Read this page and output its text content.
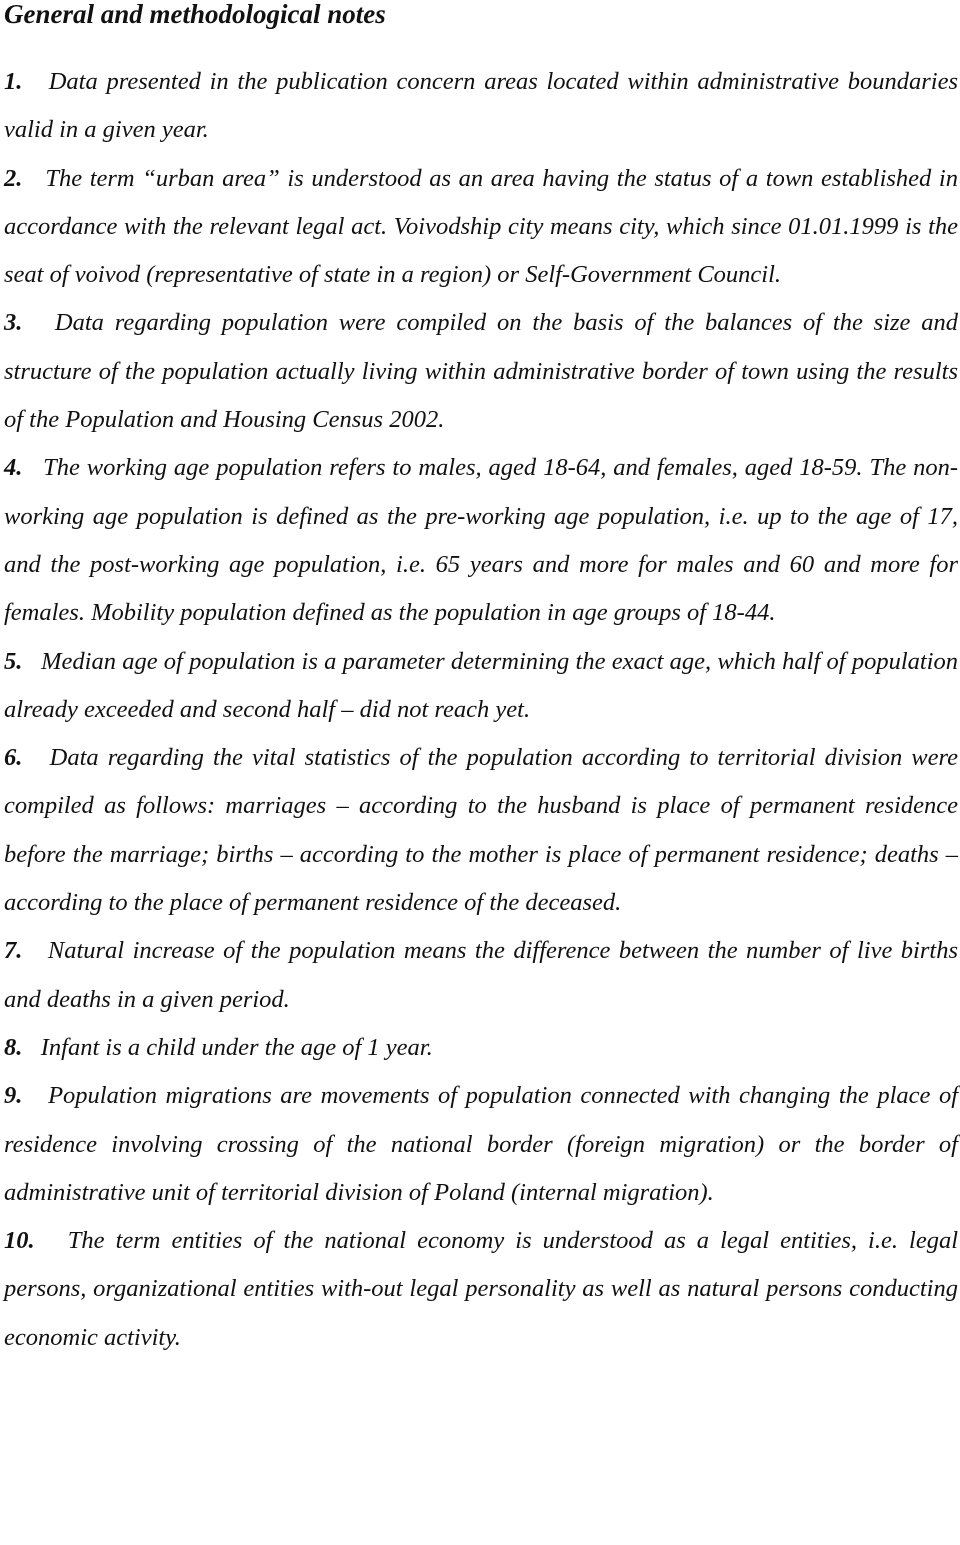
General and methodological notes

1. Data presented in the publication concern areas located within administrative boundaries valid in a given year.

2. The term “urban area” is understood as an area having the status of a town established in accordance with the relevant legal act. Voivodship city means city, which since 01.01.1999 is the seat of voivod (representative of state in a region) or Self-Government Council.

3. Data regarding population were compiled on the basis of the balances of the size and structure of the population actually living within administrative border of town using the results of the Population and Housing Census 2002.

4. The working age population refers to males, aged 18-64, and females, aged 18-59. The non-working age population is defined as the pre-working age population, i.e. up to the age of 17, and the post-working age population, i.e. 65 years and more for males and 60 and more for females. Mobility population defined as the population in age groups of 18-44.

5. Median age of population is a parameter determining the exact age, which half of population already exceeded and second half – did not reach yet.

6. Data regarding the vital statistics of the population according to territorial division were compiled as follows: marriages – according to the husband is place of permanent residence before the marriage; births – according to the mother is place of permanent residence; deaths – according to the place of permanent residence of the deceased.

7. Natural increase of the population means the difference between the number of live births and deaths in a given period.

8. Infant is a child under the age of 1 year.

9. Population migrations are movements of population connected with changing the place of residence involving crossing of the national border (foreign migration) or the border of administrative unit of territorial division of Poland (internal migration).

10. The term entities of the national economy is understood as a legal entities, i.e. legal persons, organizational entities with-out legal personality as well as natural persons conducting economic activity.
